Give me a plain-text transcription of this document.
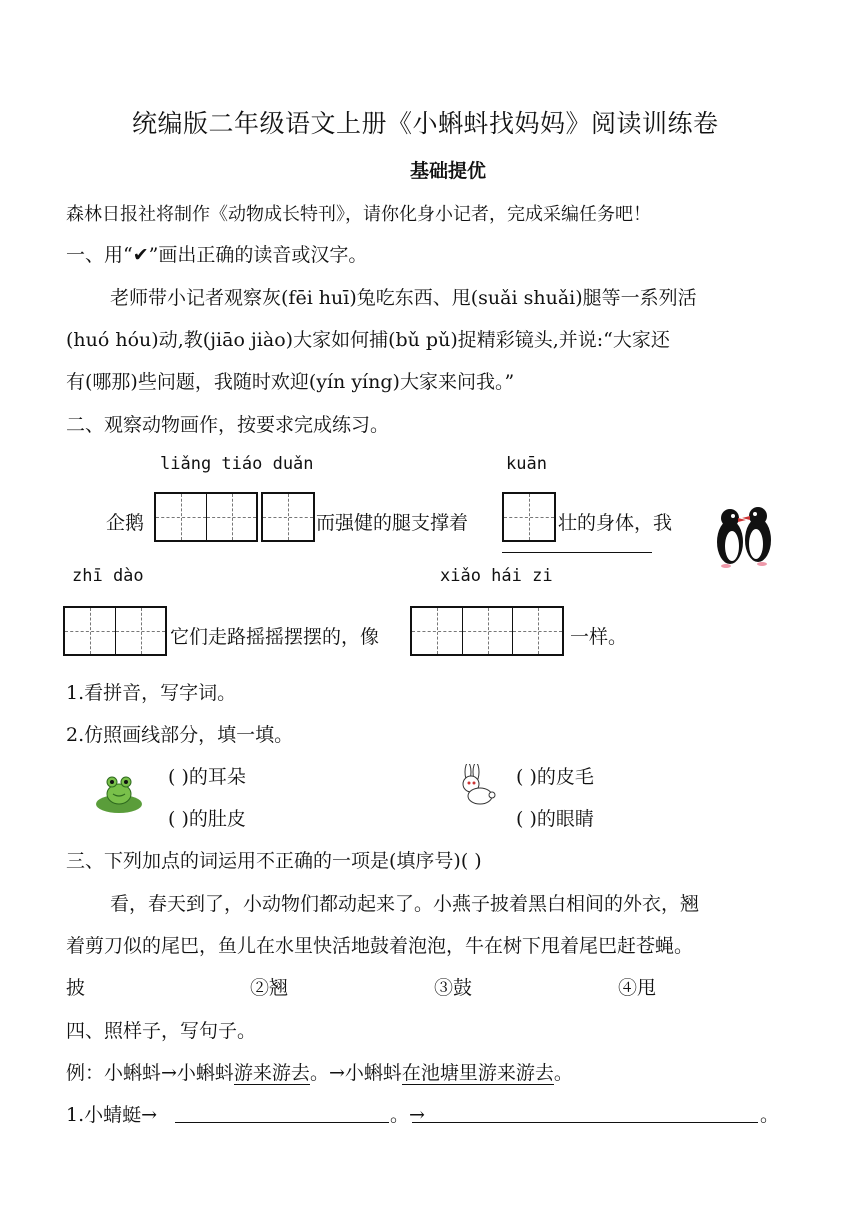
统编版二年级语文上册《小蝌蚪找妈妈》阅读训练卷
基础提优
森林日报社将制作《动物成长特刊》，请你化身小记者，完成采编任务吧！
一、用“✔”画出正确的读音或汉字。
老师带小记者观察灰(fēi huī)兔吃东西、甩(suǎi shuǎi)腿等一系列活
(huó hóu)动,教(jiāo jiào)大家如何捕(bǔ pǔ)捉精彩镜头,并说:“大家还
有(哪那)些问题，我随时欢迎(yín yíng)大家来问我。”
二、观察动物画作，按要求完成练习。
liǎng tiáo duǎn	kuān
企鹅	而强健的腿支撑着	壮的身体，我
zhī dào	xiǎo hái zi
它们走路摇摇摆摆的，像	一样。
1.看拼音，写字词。
2.仿照画线部分，填一填。
( )的耳朵
( )的肚皮
( )的皮毛
( )的眼睛
三、下列加点的词运用不正确的一项是(填序号)( )
看，春天到了，小动物们都动起来了。小燕子披着黑白相间的外衣，翘
着剪刀似的尾巴，鱼儿在水里快活地鼓着泡泡，牛在树下甩着尾巴赶苍蝇。
披	②翘	③鼓	④甩
四、照样子，写句子。
例：小蝌蚪→小蝌蚪游来游去。→小蝌蚪在池塘里游来游去。
1.小蜻蜓→	。→	。
